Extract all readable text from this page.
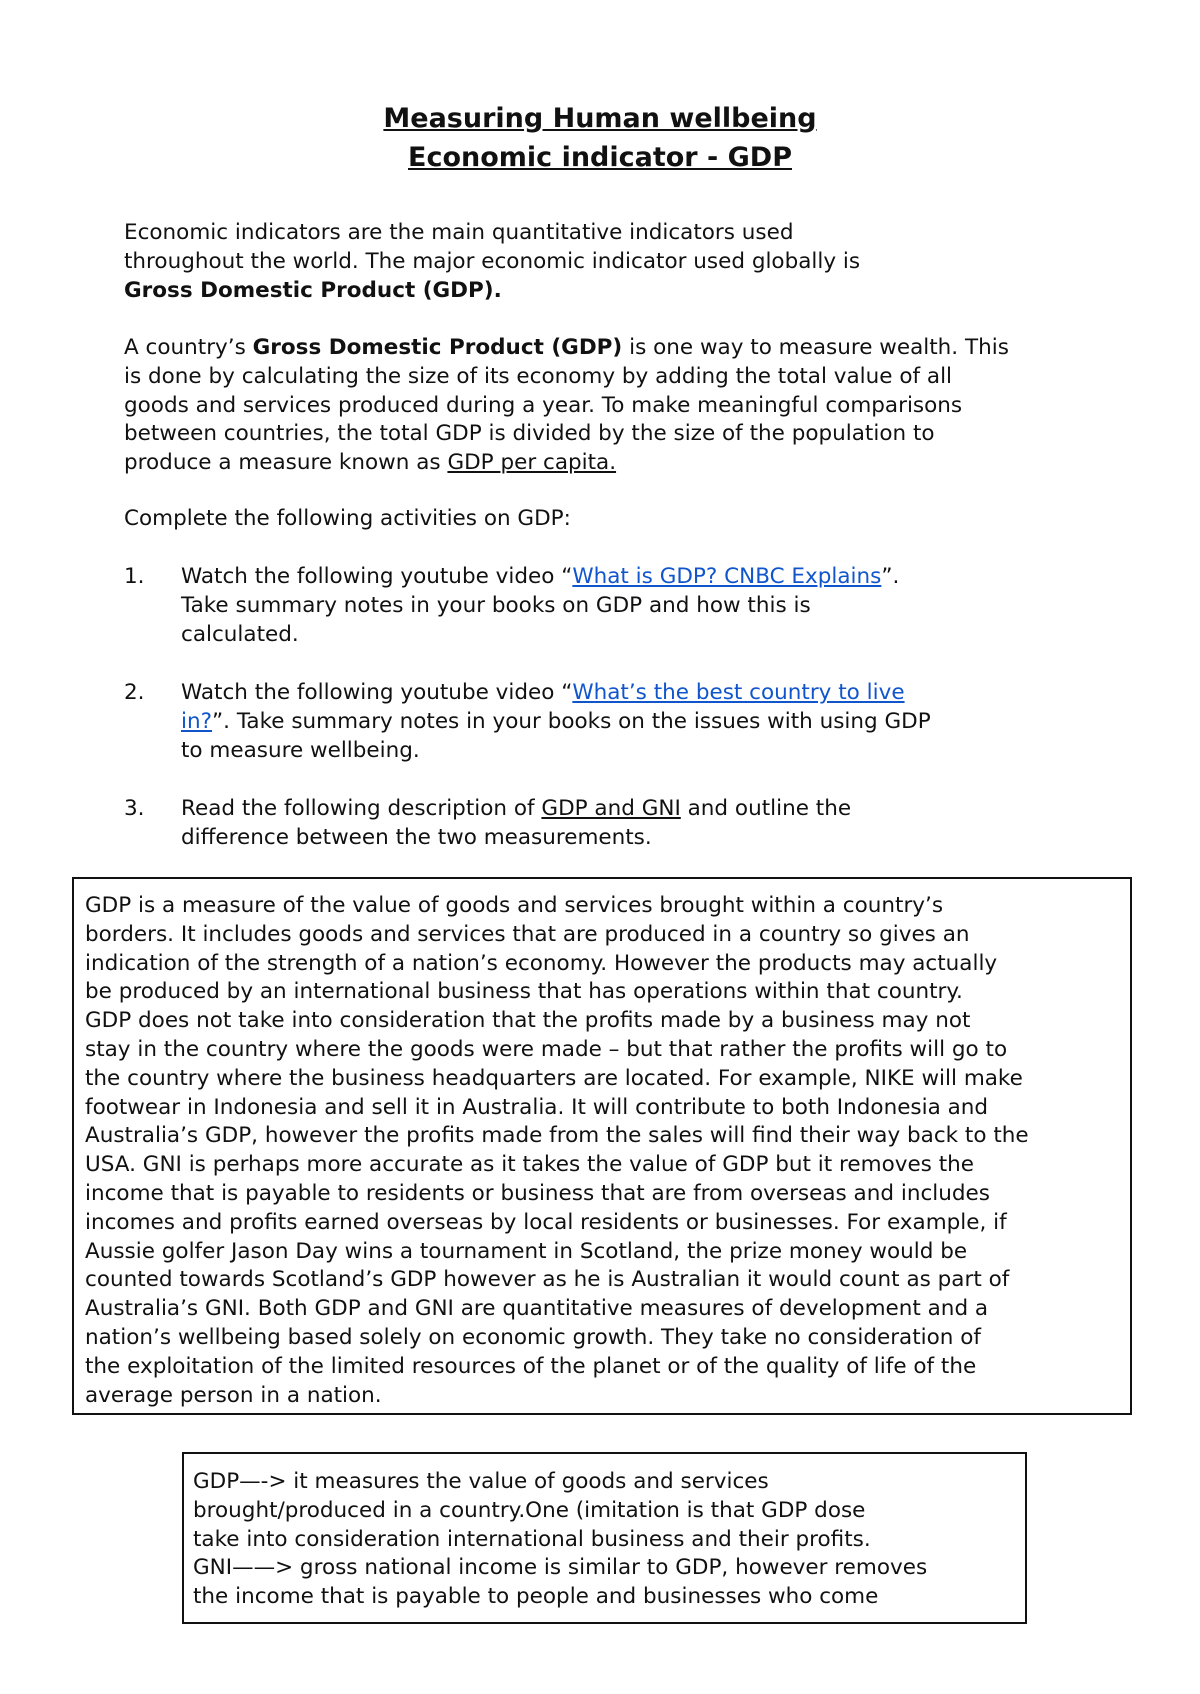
Measuring Human wellbeing
Economic indicator - GDP
Economic indicators are the main quantitative indicators used
throughout the world. The major economic indicator used globally is
Gross Domestic Product (GDP).
A country’s Gross Domestic Product (GDP) is one way to measure wealth. This
is done by calculating the size of its economy by adding the total value of all
goods and services produced during a year. To make meaningful comparisons
between countries, the total GDP is divided by the size of the population to
produce a measure known as GDP per capita.
Complete the following activities on GDP:
1. Watch the following youtube video “What is GDP? CNBC Explains”.
Take summary notes in your books on GDP and how this is
calculated.
2. Watch the following youtube video “What’s the best country to live
in?”. Take summary notes in your books on the issues with using GDP
to measure wellbeing.
3. Read the following description of GDP and GNI and outline the
difference between the two measurements.
GDP is a measure of the value of goods and services brought within a country’s
borders. It includes goods and services that are produced in a country so gives an
indication of the strength of a nation’s economy. However the products may actually
be produced by an international business that has operations within that country.
GDP does not take into consideration that the profits made by a business may not
stay in the country where the goods were made – but that rather the profits will go to
the country where the business headquarters are located. For example, NIKE will make
footwear in Indonesia and sell it in Australia. It will contribute to both Indonesia and
Australia’s GDP, however the profits made from the sales will find their way back to the
USA. GNI is perhaps more accurate as it takes the value of GDP but it removes the
income that is payable to residents or business that are from overseas and includes
incomes and profits earned overseas by local residents or businesses. For example, if
Aussie golfer Jason Day wins a tournament in Scotland, the prize money would be
counted towards Scotland’s GDP however as he is Australian it would count as part of
Australia’s GNI. Both GDP and GNI are quantitative measures of development and a
nation’s wellbeing based solely on economic growth. They take no consideration of
the exploitation of the limited resources of the planet or of the quality of life of the
average person in a nation.
GDP—-> it measures the value of goods and services
brought/produced in a country.One (imitation is that GDP dose
take into consideration international business and their profits.
GNI——> gross national income is similar to GDP, however removes
the income that is payable to people and businesses who come
